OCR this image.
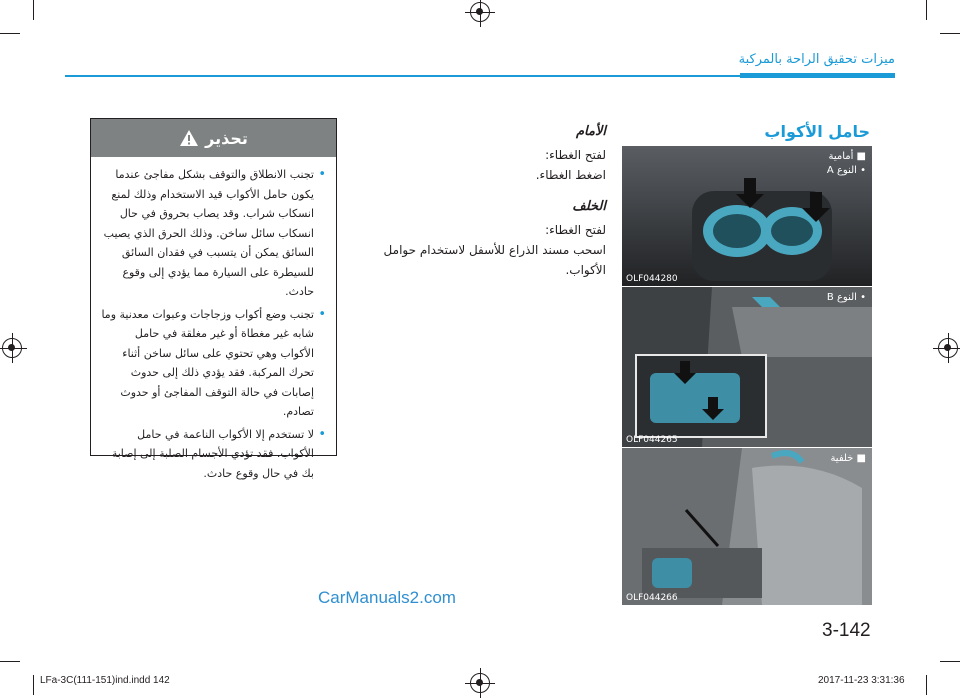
ميزات تحقيق الراحة بالمركبة
حامل الأكواب
الأمام
لفتح الغطاء:
اضغط الغطاء.
الخلف
لفتح الغطاء:
اسحب مسند الذراع للأسفل لاستخدام حوامل
الأكواب.
■ أمامية
• النوع A
OLF044280
• النوع B
OLF044265
■ خلفية
OLF044266
تحذير
• تجنب الانطلاق والتوقف بشكل مفاجئ عندما يكون حامل الأكواب قيد الاستخدام وذلك لمنع انسكاب شراب. وقد يصاب بحروق في حال انسكاب سائل ساخن. وذلك الحرق الذي يصيب السائق يمكن أن يتسبب في فقدان السائق للسيطرة على السيارة مما يؤدي إلى وقوع حادث.
• تجنب وضع أكواب وزجاجات وعبوات معدنية وما شابه غير مغطاة أو غير مغلقة في حامل الأكواب وهي تحتوي على سائل ساخن أثناء تحرك المركبة. فقد يؤدي ذلك إلى حدوث إصابات في حالة التوقف المفاجئ أو حدوث تصادم.
• لا تستخدم إلا الأكواب الناعمة في حامل الأكواب. فقد تؤدي الأجسام الصلبة إلى إصابة بك في حال وقوع حادث.
CarManuals2.com
3-142
LFa-3C(111-151)ind.indd 142	2017-11-23 3:31:36
